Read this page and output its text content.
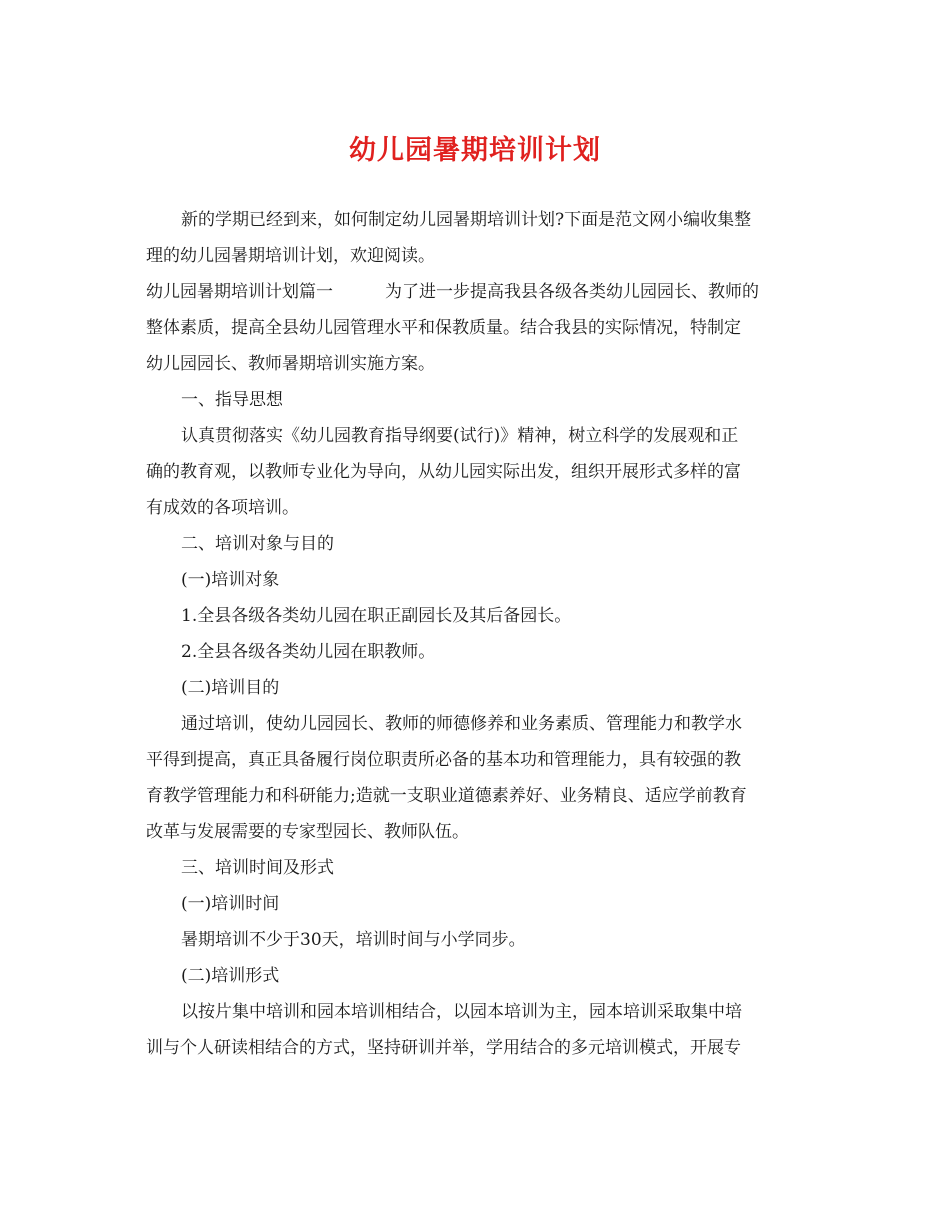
幼儿园暑期培训计划
新的学期已经到来，如何制定幼儿园暑期培训计划?下面是范文网小编收集整
理的幼儿园暑期培训计划，欢迎阅读。
幼儿园暑期培训计划篇一	为了进一步提高我县各级各类幼儿园园长、教师的
整体素质，提高全县幼儿园管理水平和保教质量。结合我县的实际情况，特制定
幼儿园园长、教师暑期培训实施方案。
一、指导思想
认真贯彻落实《幼儿园教育指导纲要(试行)》精神，树立科学的发展观和正
确的教育观，以教师专业化为导向，从幼儿园实际出发，组织开展形式多样的富
有成效的各项培训。
二、培训对象与目的
(一)培训对象
1.全县各级各类幼儿园在职正副园长及其后备园长。
2.全县各级各类幼儿园在职教师。
(二)培训目的
通过培训，使幼儿园园长、教师的师德修养和业务素质、管理能力和教学水
平得到提高，真正具备履行岗位职责所必备的基本功和管理能力，具有较强的教
育教学管理能力和科研能力;造就一支职业道德素养好、业务精良、适应学前教育
改革与发展需要的专家型园长、教师队伍。
三、培训时间及形式
(一)培训时间
暑期培训不少于30天，培训时间与小学同步。
(二)培训形式
以按片集中培训和园本培训相结合，以园本培训为主，园本培训采取集中培
训与个人研读相结合的方式，坚持研训并举，学用结合的多元培训模式，开展专
